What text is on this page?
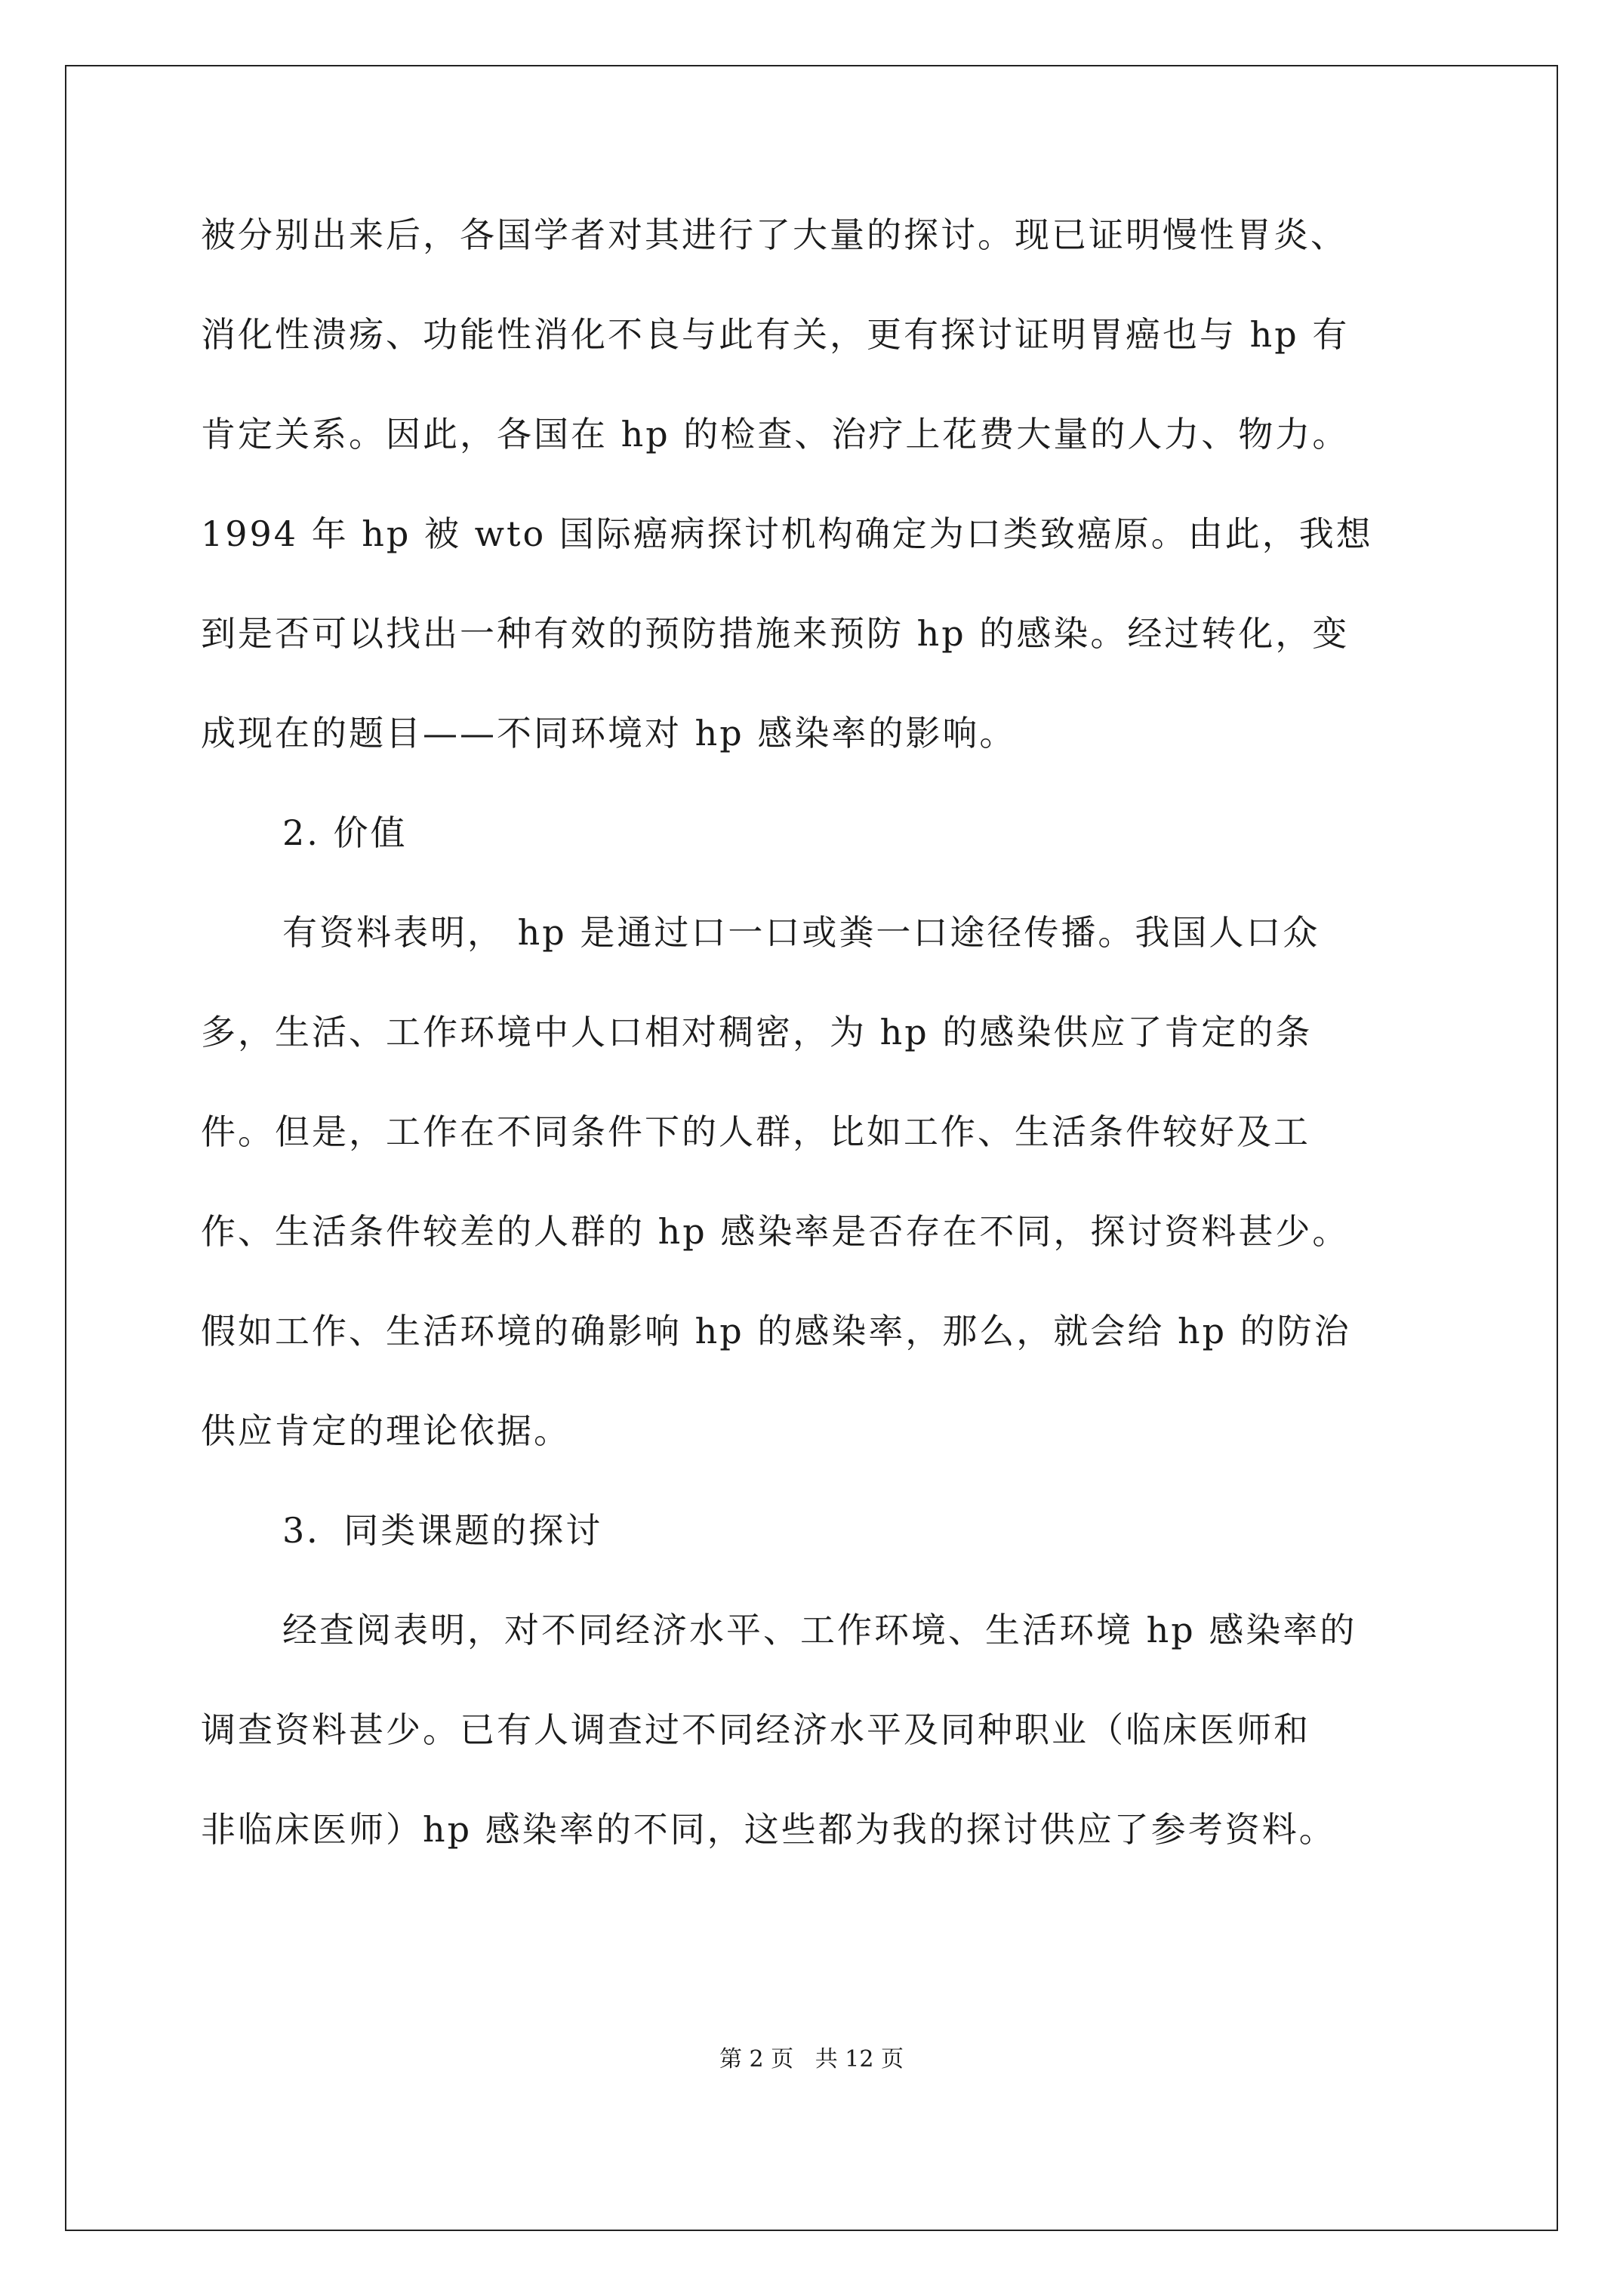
被分别出来后，各国学者对其进行了大量的探讨。现已证明慢性胃炎、
消化性溃疡、功能性消化不良与此有关，更有探讨证明胃癌也与 hp 有
肯定关系。因此，各国在 hp 的检查、治疗上花费大量的人力、物力。
1994 年 hp 被 wto 国际癌病探讨机构确定为口类致癌原。由此，我想
到是否可以找出一种有效的预防措施来预防 hp 的感染。经过转化，变
成现在的题目——不同环境对 hp 感染率的影响。
2. 价值
有资料表明， hp 是通过口一口或粪一口途径传播。我国人口众
多，生活、工作环境中人口相对稠密，为 hp 的感染供应了肯定的条
件。但是，工作在不同条件下的人群，比如工作、生活条件较好及工
作、生活条件较差的人群的 hp 感染率是否存在不同，探讨资料甚少。
假如工作、生活环境的确影响 hp 的感染率，那么，就会给 hp 的防治
供应肯定的理论依据。
3．同类课题的探讨
经查阅表明，对不同经济水平、工作环境、生活环境 hp 感染率的
调查资料甚少。已有人调查过不同经济水平及同种职业（临床医师和
非临床医师）hp 感染率的不同，这些都为我的探讨供应了参考资料。
第 2 页   共 12 页
